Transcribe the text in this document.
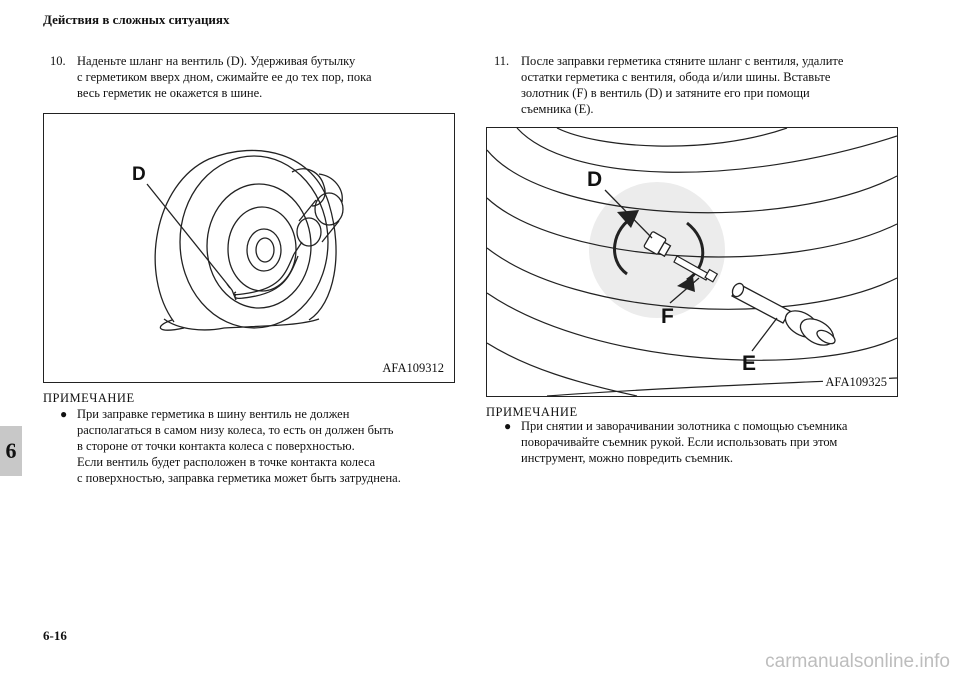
Действия в сложных ситуациях
6
6-16
10. Наденьте шланг на вентиль (D). Удерживая бутылку
с герметиком вверх дном, сжимайте ее до тех пор, пока
весь герметик не окажется в шине.
D
AFA109312
ПРИМЕЧАНИЕ
● При заправке герметика в шину вентиль не должен
располагаться в самом низу колеса, то есть он должен быть
в стороне от точки контакта колеса с поверхностью.
Если вентиль будет расположен в точке контакта колеса
с поверхностью, заправка герметика может быть затруднена.
11. После заправки герметика стяните шланг с вентиля, удалите
остатки герметика с вентиля, обода и/или шины. Вставьте
золотник (F) в вентиль (D) и затяните его при помощи
съемника (E).
D
F
E
AFA109325
ПРИМЕЧАНИЕ
● При снятии и заворачивании золотника с помощью съемника
поворачивайте съемник рукой. Если использовать при этом
инструмент, можно повредить съемник.
carmanualsonline.info
